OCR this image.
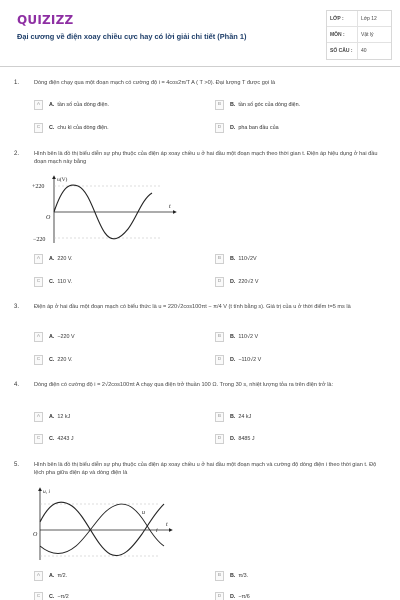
QUIZIZZ
Đại cương về điện xoay chiều cực hay có lời giải chi tiết (Phần 1)
LỚP :	Lớp 12
MÔN :	Vật lý
SỐ CÂU :	40
1.	Dòng điện chạy qua một đoạn mạch có cường độ i = 4cos2π/T A ( T >0). Đại lượng T được gọi là
A	A. tần số của dòng điện.	B	B. tần số góc của dòng điện.
C	C. chu kì của dòng điện.	D	D. pha ban đầu của
2.	Hình bên là đồ thị biểu diễn sự phụ thuộc của điện áp xoay chiều u ở hai đầu một đoạn mạch theo thời gian t. Điện áp hiệu dụng ở hai đầu đoạn mạch này bằng
+220
−220
O
u(V)
t
A	A. 220 V.	B	B. 110√2V
C	C. 110 V.	D	D. 220√2 V
3.	Điện áp ở hai đầu một đoạn mạch có biểu thức là u = 220√2cos100πt − π/4 V (t tính bằng s). Giá trị của u ở thời điểm t=5 ms là
A	A. −220 V	B	B. 110√2 V
C	C. 220 V.	D	D. −110√2 V
4.	Dòng điện có cường độ i = 2√2cos100πt A chạy qua điện trở thuần 100 Ω. Trong 30 s, nhiệt lượng tỏa ra trên điện trở là:
A	A. 12 kJ	B	B. 24 kJ
C	C. 4243 J	D	D. 8485 J
5.	Hình bên là đồ thị biểu diễn sự phụ thuộc của điện áp xoay chiều u ở hai đầu một đoạn mạch và cường độ dòng điện i theo thời gian t. Độ lệch pha giữa điện áp và dòng điện là
u, i
O
t
u
i
A	A. π/2.	B	B. π/3.
C	C. −π/2	D	D. −π/6
